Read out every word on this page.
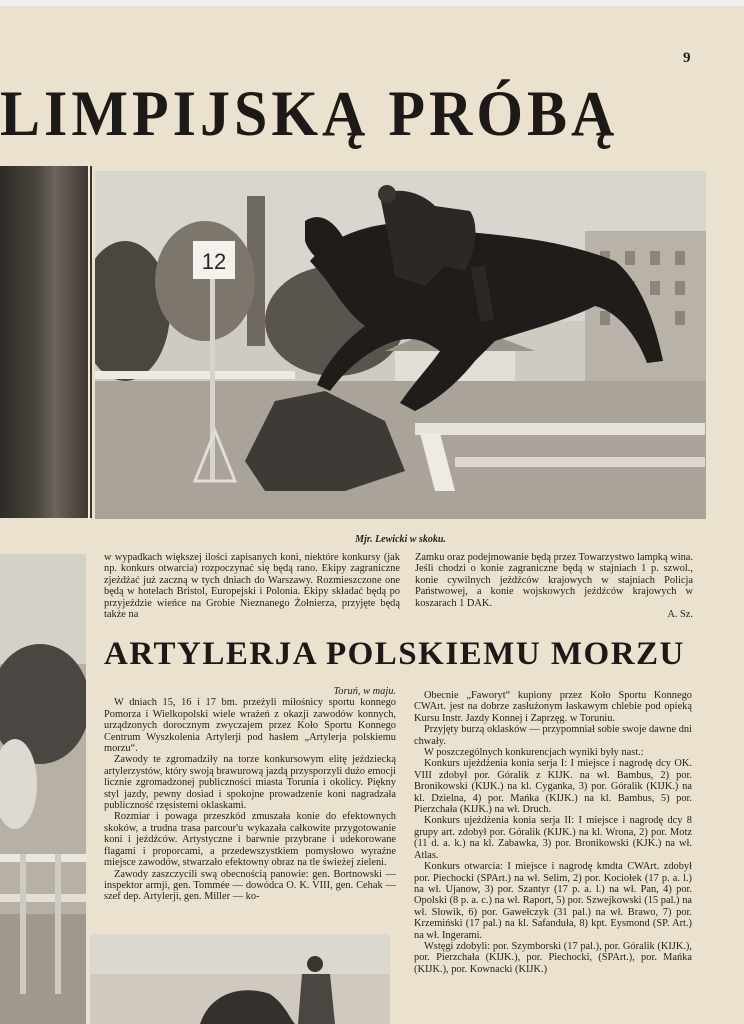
9
LIMPIJSKĄ PRÓBĄ
12
Mjr. Lewicki w skoku.

w wypadkach większej ilości zapisanych koni, niektóre konkursy (jak np. konkurs otwarcia) rozpoczynać się będą rano. Ekipy zagraniczne zjeżdżać już zaczną w tych dniach do Warszawy. Rozmieszczone one będą w hotelach Bristol, Europejski i Polonia. Ekipy składać będą po przyjeździe wieńce na Grobie Nieznanego Żołnierza, przyjęte będą także na

Zamku oraz podejmowanie będą przez Towarzystwo lampką wina. Jeśli chodzi o konie zagraniczne będą w stajniach 1 p. szwol., konie cywilnych jeźdźców krajowych w stajniach Policja Państwowej, a konie wojskowych jeźdźców krajowych w koszarach 1 DAK.

A. Sz.

ARTYLERJA POLSKIEMU MORZU

Toruń, w maju.

W dniach 15, 16 i 17 bm. przeżyli miłośnicy sportu konnego Pomorza i Wielkopolski wiele wrażeń z okazji zawodów konnych, urządzonych dorocznym zwyczajem przez Koło Sportu Konnego Centrum Wyszkolenia Artylerji pod hasłem „Artylerja polskiemu morzu“.

Zawody te zgromadziły na torze konkursowym elitę jeździecką artylerzystów, który swoją brawurową jazdą przysporzyli dużo emocji licznie zgromadzonej publiczności miasta Torunia i okolicy. Piękny styl jazdy, pewny dosiad i spokojne prowadzenie koni nagradzała publiczność rzęsistemi oklaskami.

Rozmiar i powaga przeszkód zmuszała konie do efektownych skoków, a trudna trasa parcour'u wykazała całkowite przygotowanie koni i jeźdźców. Artystyczne i barwnie przybrane i udekorowane flagami i proporcami, a przedewszystkiem pomysłowo wyraźne miejsce zawodów, stwarzało efektowny obraz na tle świeżej zieleni.

Zawody zaszczycili swą obecnością panowie: gen. Bortnowski — inspektor armji, gen. Tommée — dowódca O. K. VIII, gen. Cehak — szef dep. Artylerji, gen. Miller — ko-

Obecnie „Faworyt“ kupiony przez Koło Sportu Konnego CWArt. jest na dobrze zasłużonym łaskawym chlebie pod opieką Kursu Instr. Jazdy Konnej i Zaprzęg. w Toruniu.

Przyjęty burzą oklasków — przypomniał sobie swoje dawne dni chwały.

W poszczególnych konkurencjach wyniki były nast.:

Konkurs ujeżdżenia konia serja I: I miejsce i nagrodę dcy OK. VIII zdobył por. Góralik z KIJK. na wł. Bambus, 2) por. Bronikowski (KIJK.) na kl. Cyganka, 3) por. Góralik (KIJK.) na kl. Dzielna, 4) por. Mańka (KIJK.) na kl. Bambus, 5) por. Pierzchała (KIJK.) na wł. Druch.

Konkurs ujeżdżenia konia serja II: I miejsce i nagrodę dcy 8 grupy art. zdobył por. Góralik (KIJK.) na kl. Wrona, 2) por. Motz (11 d. a. k.) na kl. Zabawka, 3) por. Bronikowski (KJK.) na wł. Atlas.

Konkurs otwarcia: I miejsce i nagrodę kmdta CWArt. zdobył por. Piechocki (SPArt.) na wł. Selim, 2) por. Kociołek (17 p. a. l.) na wł. Ujanow, 3) por. Szantyr (17 p. a. l.) na wł. Pan, 4) por. Opolski (8 p. a. c.) na wł. Raport, 5) por. Szwejkowski (15 pal.) na wł. Słowik, 6) por. Gawełczyk (31 pal.) na wł. Brawo, 7) por. Krzemiński (17 pal.) na kl. Safanduła, 8) kpt. Eysmond (SP. Art.) na wł. Ingerami.

Wstęgi zdobyli: por. Szymborski (17 pal.), por. Góralik (KIJK.), por. Pierzchała (KIJK.), por. Piechocki, (SPArt.), por. Mańka (KIJK.), por. Kownacki (KIJK.)
